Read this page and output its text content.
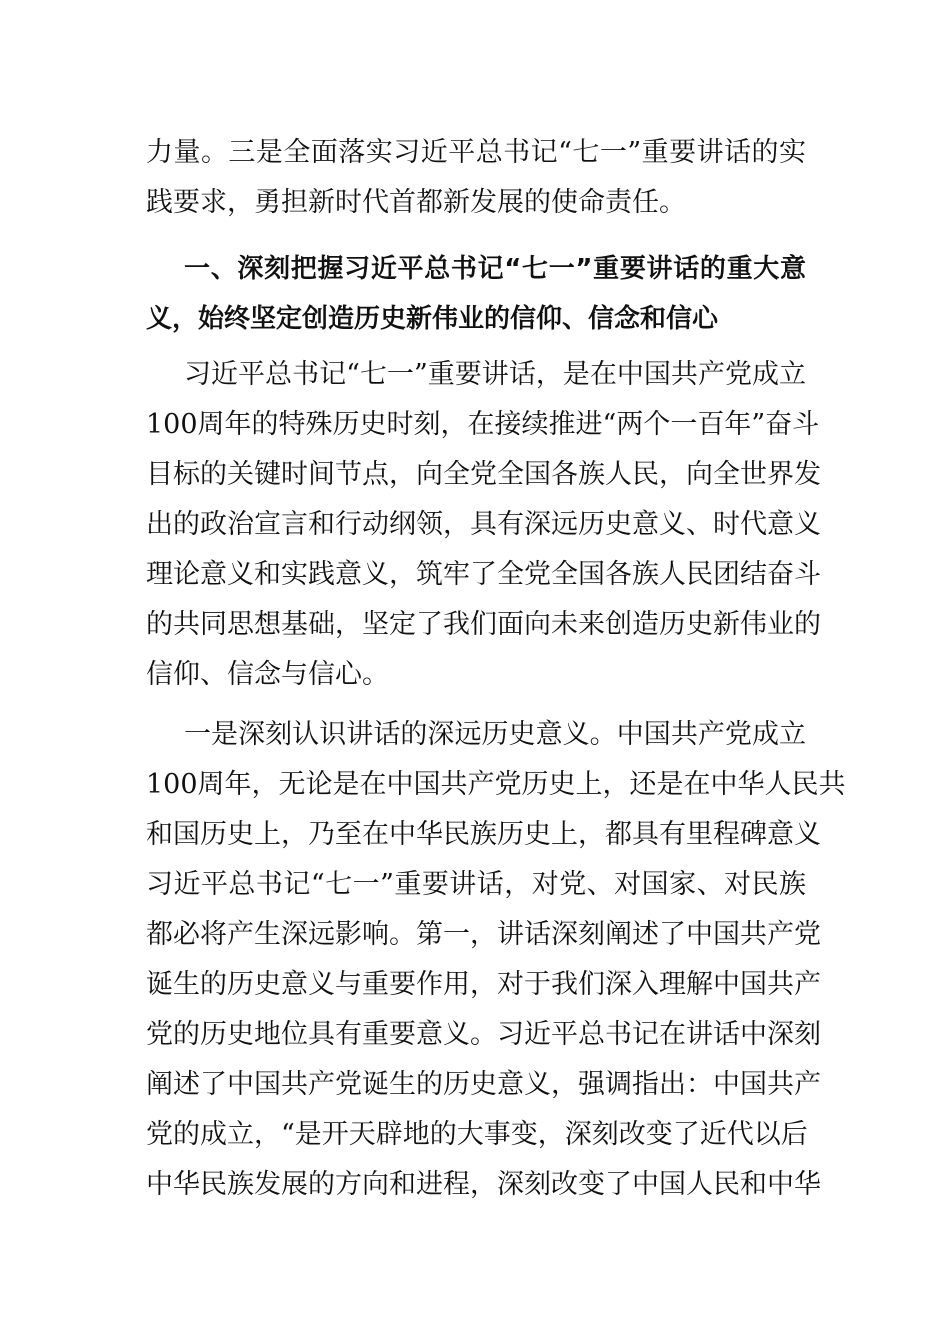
力量。三是全面落实习近平总书记“七一”重要讲话的实
践要求，勇担新时代首都新发展的使命责任。
一、深刻把握习近平总书记“七一”重要讲话的重大意
义，始终坚定创造历史新伟业的信仰、信念和信心
习近平总书记“七一”重要讲话，是在中国共产党成立
100周年的特殊历史时刻，在接续推进“两个一百年”奋斗
目标的关键时间节点，向全党全国各族人民，向全世界发
出的政治宣言和行动纲领，具有深远历史意义、时代意义
理论意义和实践意义，筑牢了全党全国各族人民团结奋斗
的共同思想基础，坚定了我们面向未来创造历史新伟业的
信仰、信念与信心。
一是深刻认识讲话的深远历史意义。中国共产党成立
100周年，无论是在中国共产党历史上，还是在中华人民共
和国历史上，乃至在中华民族历史上，都具有里程碑意义
习近平总书记“七一”重要讲话，对党、对国家、对民族
都必将产生深远影响。第一，讲话深刻阐述了中国共产党
诞生的历史意义与重要作用，对于我们深入理解中国共产
党的历史地位具有重要意义。习近平总书记在讲话中深刻
阐述了中国共产党诞生的历史意义，强调指出：中国共产
党的成立，“是开天辟地的大事变，深刻改变了近代以后
中华民族发展的方向和进程，深刻改变了中国人民和中华
